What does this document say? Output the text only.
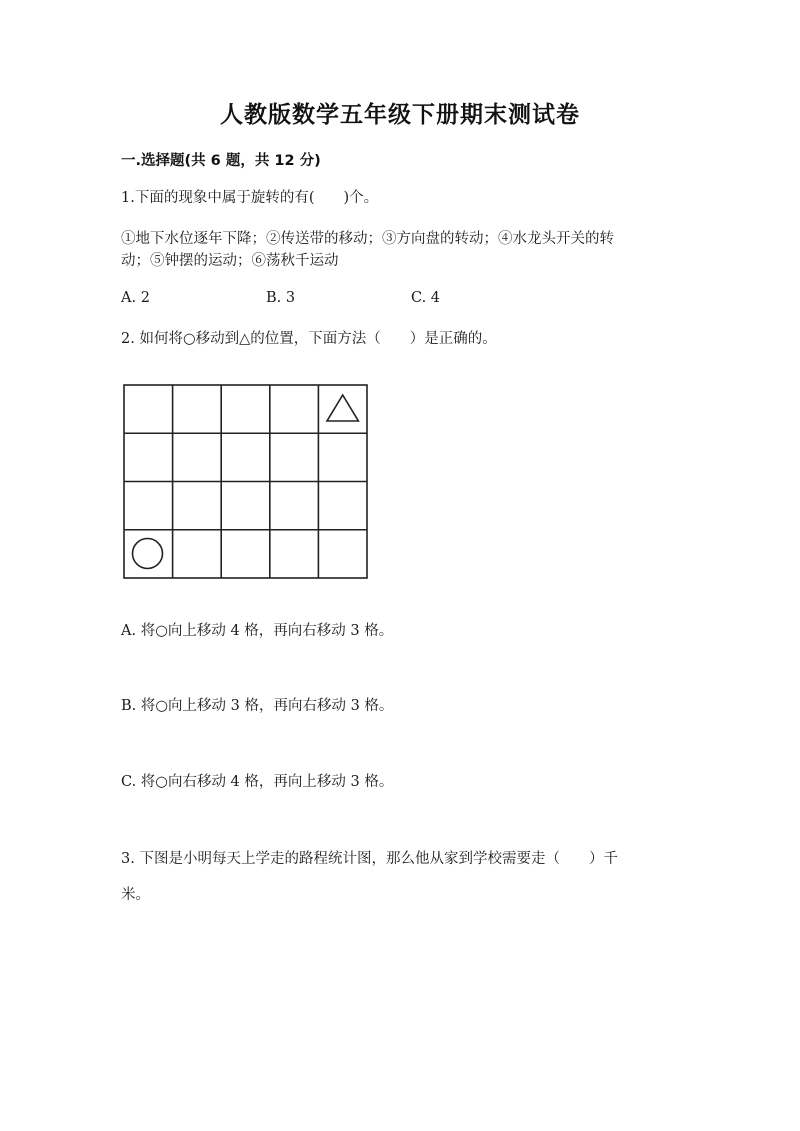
人教版数学五年级下册期末测试卷
一.选择题(共 6 题，共 12 分)
1.下面的现象中属于旋转的有(　　)个。
①地下水位逐年下降；②传送带的移动；③方向盘的转动；④水龙头开关的转
动；⑤钟摆的运动；⑥荡秋千运动
A. 2	B. 3	C. 4
2. 如何将○移动到△的位置，下面方法（　　）是正确的。
A. 将○向上移动 4 格，再向右移动 3 格。
B. 将○向上移动 3 格，再向右移动 3 格。
C. 将○向右移动 4 格，再向上移动 3 格。
3. 下图是小明每天上学走的路程统计图，那么他从家到学校需要走（　　）千
米。
